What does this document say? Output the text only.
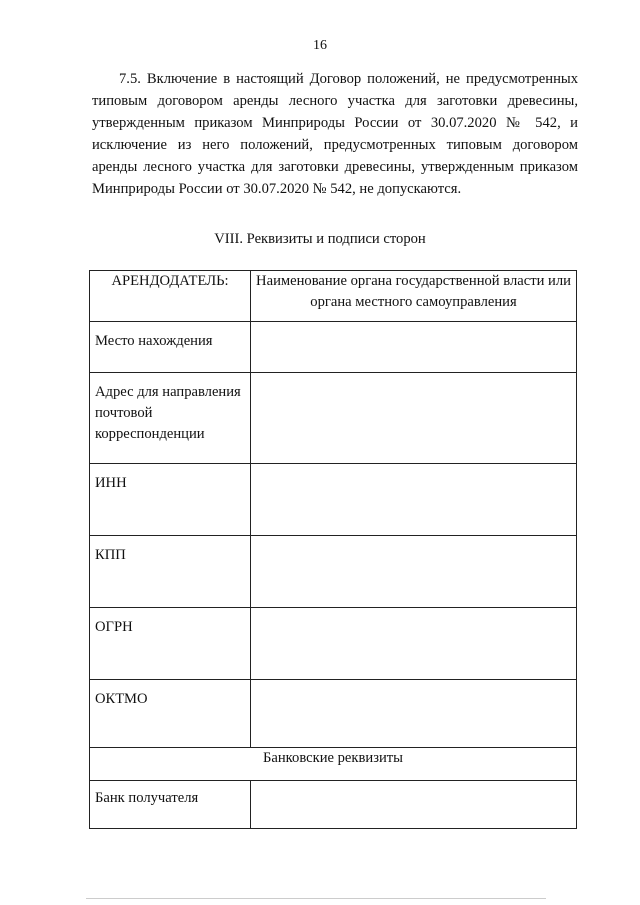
16
7.5. Включение в настоящий Договор положений, не предусмотренных типовым договором аренды лесного участка для заготовки древесины, утвержденным приказом Минприроды России от 30.07.2020 № 542, и исключение из него положений, предусмотренных типовым договором аренды лесного участка для заготовки древесины, утвержденным приказом Минприроды России от 30.07.2020 № 542, не допускаются.
VIII. Реквизиты и подписи сторон
АРЕНДОДАТЕЛЬ:	Наименование органа государственной власти или органа местного самоуправления

Место нахождения	

Адрес для направления почтовой корреспонденции	

ИНН	

КПП	

ОГРН	

ОКТМО	

Банковские реквизиты	

Банк получателя	
